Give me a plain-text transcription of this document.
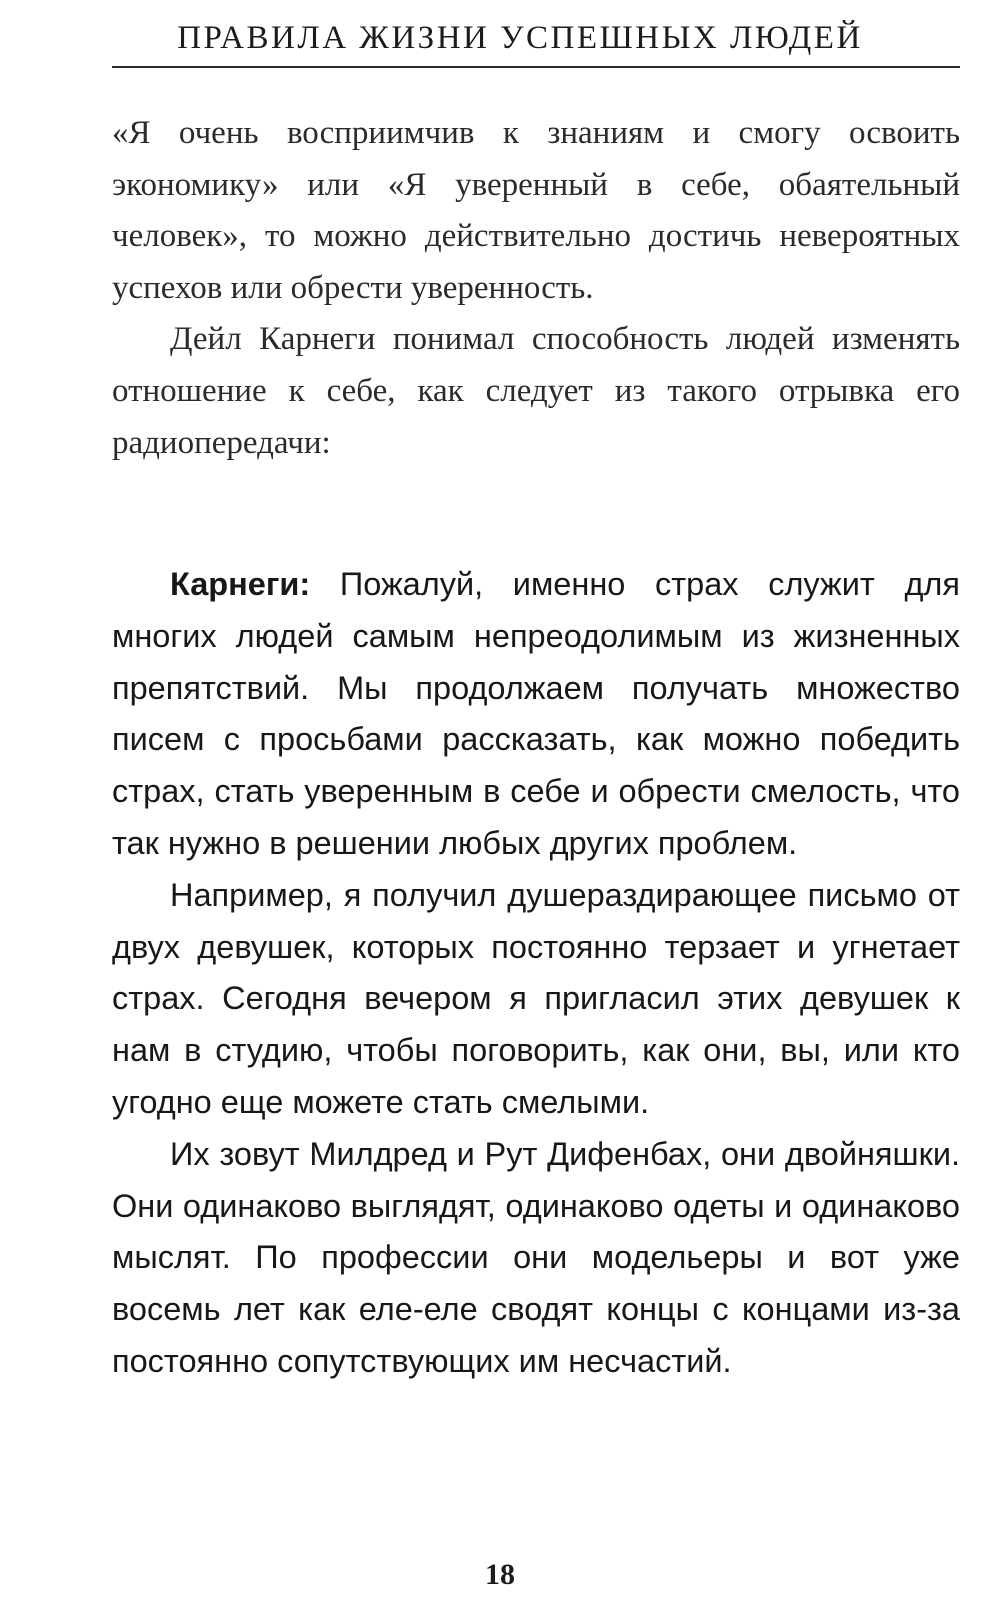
ПРАВИЛА ЖИЗНИ УСПЕШНЫХ ЛЮДЕЙ

«Я очень восприимчив к знаниям и смогу освоить экономику» или «Я уверенный в себе, обаятельный человек», то можно действительно достичь невероятных успехов или обрести уверенность.

Дейл Карнеги понимал способность людей изменять отношение к себе, как следует из такого отрывка его радиопередачи:

Карнеги: Пожалуй, именно страх служит для многих людей самым непреодолимым из жизненных препятствий. Мы продолжаем получать множество писем с просьбами рассказать, как можно победить страх, стать уверенным в себе и обрести смелость, что так нужно в решении любых других проблем.

Например, я получил душераздирающее письмо от двух девушек, которых постоянно терзает и угнетает страх. Сегодня вечером я пригласил этих девушек к нам в студию, чтобы поговорить, как они, вы, или кто угодно еще можете стать смелыми.

Их зовут Милдред и Рут Дифенбах, они двойняшки. Они одинаково выглядят, одинаково одеты и одинаково мыслят. По профессии они модельеры и вот уже восемь лет как еле-еле сводят концы с концами из-за постоянно сопутствующих им несчастий.

18
